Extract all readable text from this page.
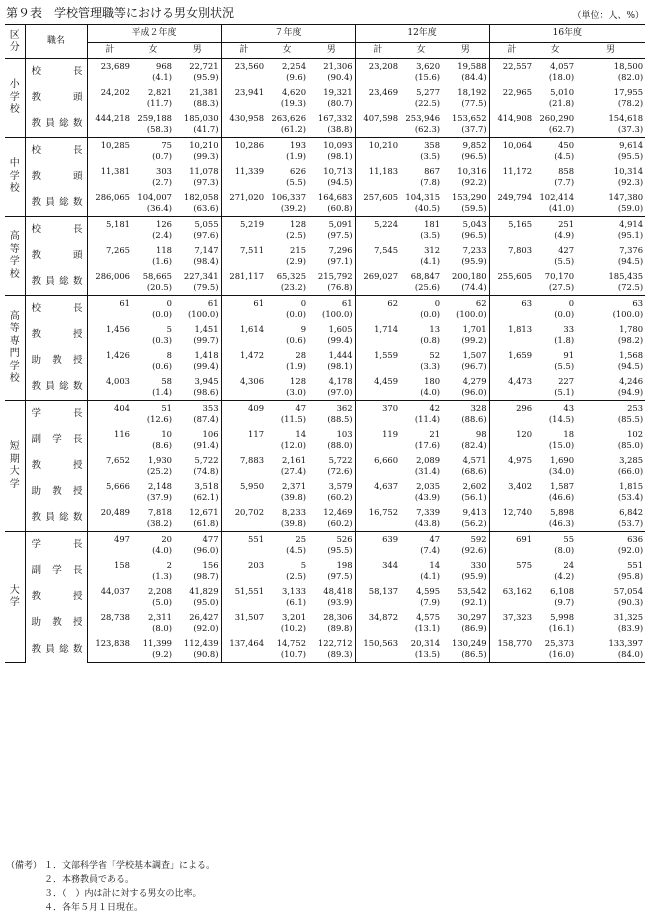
第９表　学校管理職等における男女別状況	（単位：人、%）
区分	職名	平成２年度			７年度			12年度			16年度		
		計	女	男	計	女	男	計	女	男	計	女	男
小学校	校長	23,689	968	22,721	23,560	2,254	21,306	23,208	3,620	19,588	22,557	4,057	18,500
			(4.1)	(95.9)		(9.6)	(90.4)		(15.6)	(84.4)		(18.0)	(82.0)
	教頭	24,202	2,821	21,381	23,941	4,620	19,321	23,469	5,277	18,192	22,965	5,010	17,955
			(11.7)	(88.3)		(19.3)	(80.7)		(22.5)	(77.5)		(21.8)	(78.2)
	教員総数	444,218	259,188	185,030	430,958	263,626	167,332	407,598	253,946	153,652	414,908	260,290	154,618
			(58.3)	(41.7)		(61.2)	(38.8)		(62.3)	(37.7)		(62.7)	(37.3)
中学校	校長	10,285	75	10,210	10,286	193	10,093	10,210	358	9,852	10,064	450	9,614
			(0.7)	(99.3)		(1.9)	(98.1)		(3.5)	(96.5)		(4.5)	(95.5)
	教頭	11,381	303	11,078	11,339	626	10,713	11,183	867	10,316	11,172	858	10,314
			(2.7)	(97.3)		(5.5)	(94.5)		(7.8)	(92.2)		(7.7)	(92.3)
	教員総数	286,065	104,007	182,058	271,020	106,337	164,683	257,605	104,315	153,290	249,794	102,414	147,380
			(36.4)	(63.6)		(39.2)	(60.8)		(40.5)	(59.5)		(41.0)	(59.0)
高等学校	校長	5,181	126	5,055	5,219	128	5,091	5,224	181	5,043	5,165	251	4,914
			(2.4)	(97.6)		(2.5)	(97.5)		(3.5)	(96.5)		(4.9)	(95.1)
	教頭	7,265	118	7,147	7,511	215	7,296	7,545	312	7,233	7,803	427	7,376
			(1.6)	(98.4)		(2.9)	(97.1)		(4.1)	(95.9)		(5.5)	(94.5)
	教員総数	286,006	58,665	227,341	281,117	65,325	215,792	269,027	68,847	200,180	255,605	70,170	185,435
			(20.5)	(79.5)		(23.2)	(76.8)		(25.6)	(74.4)		(27.5)	(72.5)
高等専門学校	校長	61	0	61	61	0	61	62	0	62	63	0	63
			(0.0)	(100.0)		(0.0)	(100.0)		(0.0)	(100.0)		(0.0)	(100.0)
	教授	1,456	5	1,451	1,614	9	1,605	1,714	13	1,701	1,813	33	1,780
			(0.3)	(99.7)		(0.6)	(99.4)		(0.8)	(99.2)		(1.8)	(98.2)
	助教授	1,426	8	1,418	1,472	28	1,444	1,559	52	1,507	1,659	91	1,568
			(0.6)	(99.4)		(1.9)	(98.1)		(3.3)	(96.7)		(5.5)	(94.5)
	教員総数	4,003	58	3,945	4,306	128	4,178	4,459	180	4,279	4,473	227	4,246
			(1.4)	(98.6)		(3.0)	(97.0)		(4.0)	(96.0)		(5.1)	(94.9)
短期大学	学長	404	51	353	409	47	362	370	42	328	296	43	253
			(12.6)	(87.4)		(11.5)	(88.5)		(11.4)	(88.6)		(14.5)	(85.5)
	副学長	116	10	106	117	14	103	119	21	98	120	18	102
			(8.6)	(91.4)		(12.0)	(88.0)		(17.6)	(82.4)		(15.0)	(85.0)
	教授	7,652	1,930	5,722	7,883	2,161	5,722	6,660	2,089	4,571	4,975	1,690	3,285
			(25.2)	(74.8)		(27.4)	(72.6)		(31.4)	(68.6)		(34.0)	(66.0)
	助教授	5,666	2,148	3,518	5,950	2,371	3,579	4,637	2,035	2,602	3,402	1,587	1,815
			(37.9)	(62.1)		(39.8)	(60.2)		(43.9)	(56.1)		(46.6)	(53.4)
	教員総数	20,489	7,818	12,671	20,702	8,233	12,469	16,752	7,339	9,413	12,740	5,898	6,842
			(38.2)	(61.8)		(39.8)	(60.2)		(43.8)	(56.2)		(46.3)	(53.7)
大学	学長	497	20	477	551	25	526	639	47	592	691	55	636
			(4.0)	(96.0)		(4.5)	(95.5)		(7.4)	(92.6)		(8.0)	(92.0)
	副学長	158	2	156	203	5	198	344	14	330	575	24	551
			(1.3)	(98.7)		(2.5)	(97.5)		(4.1)	(95.9)		(4.2)	(95.8)
	教授	44,037	2,208	41,829	51,551	3,133	48,418	58,137	4,595	53,542	63,162	6,108	57,054
			(5.0)	(95.0)		(6.1)	(93.9)		(7.9)	(92.1)		(9.7)	(90.3)
	助教授	28,738	2,311	26,427	31,507	3,201	28,306	34,872	4,575	30,297	37,323	5,998	31,325
			(8.0)	(92.0)		(10.2)	(89.8)		(13.1)	(86.9)		(16.1)	(83.9)
	教員総数	123,838	11,399	112,439	137,464	14,752	122,712	150,563	20,314	130,249	158,770	25,373	133,397
			(9.2)	(90.8)		(10.7)	(89.3)		(13.5)	(86.5)		(16.0)	(84.0)
（備考） １．文部科学省「学校基本調査」による。
２．本務教員である。
３．（　）内は計に対する男女の比率。
４．各年５月１日現在。
